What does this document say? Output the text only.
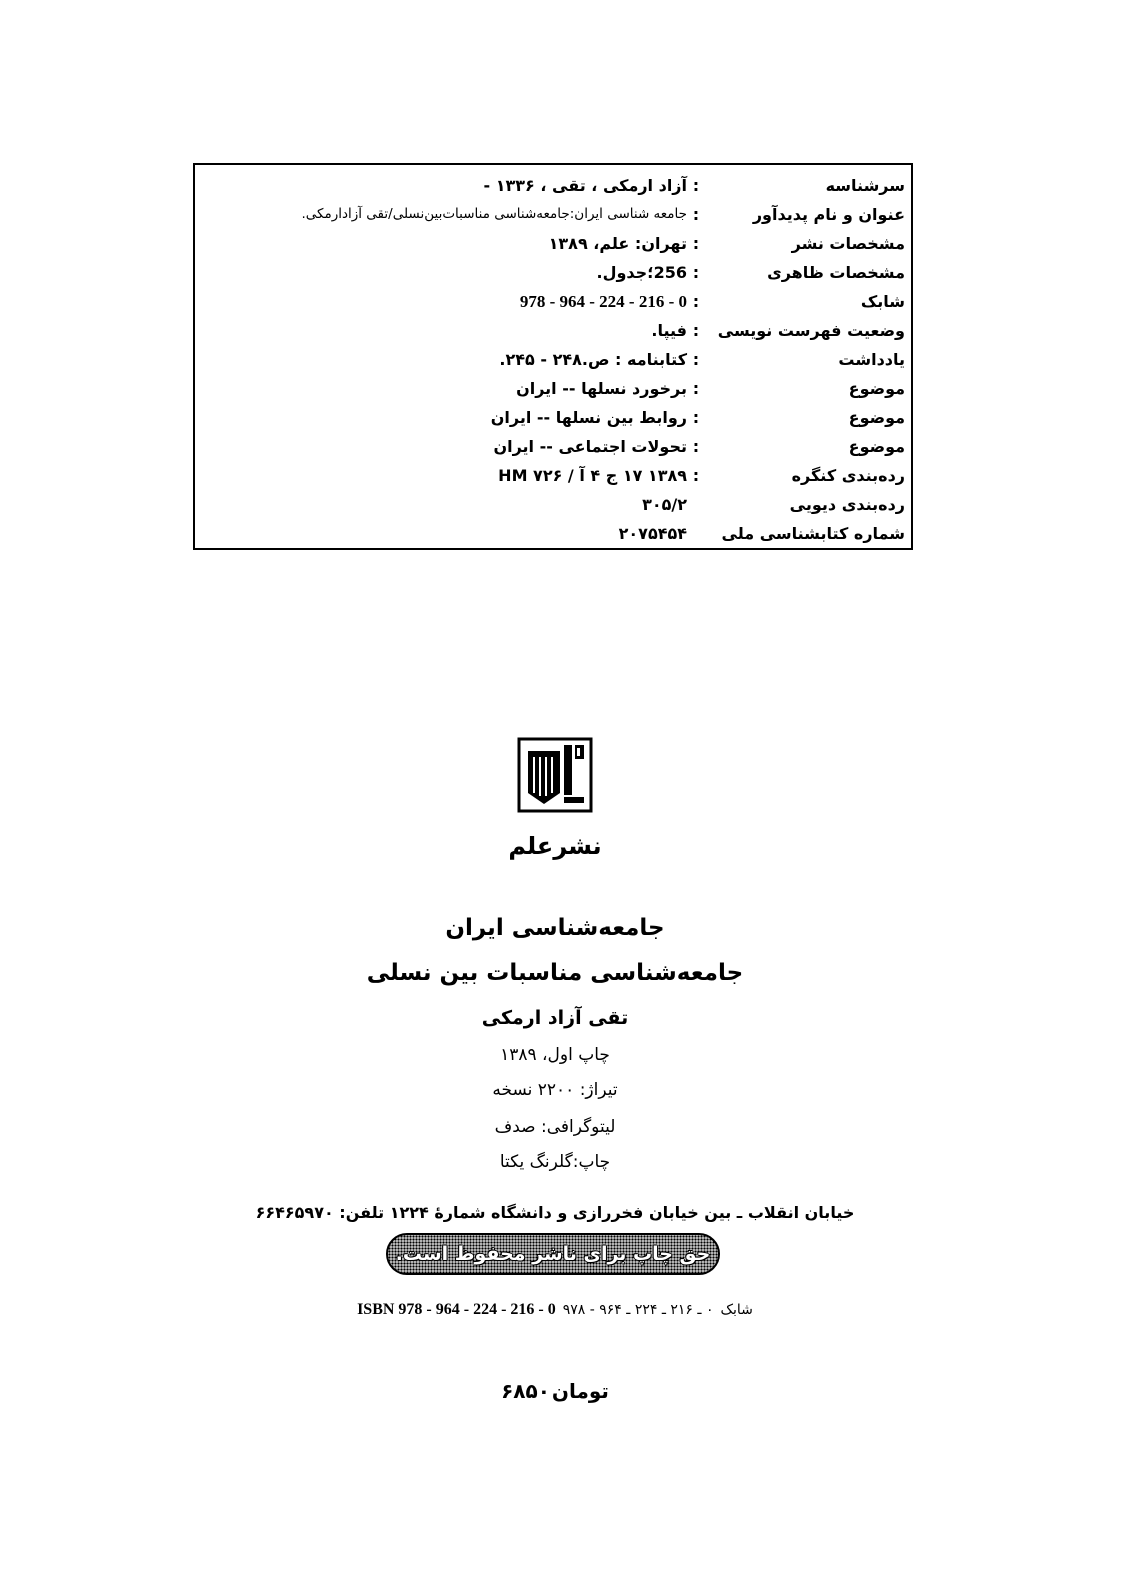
سرشناسه
:
آزاد ارمکی ، تقی ، ۱۳۳۶ -
عنوان و نام پدیدآور
:
جامعه شناسی ایران:جامعه‌شناسی مناسبات‌بین‌نسلی/تقی آزادارمکی.
مشخصات نشر
:
تهران: علم، ۱۳۸۹
مشخصات ظاهری
:
256؛جدول.
شابک
:
978 - 964 - 224 - 216 - 0
وضعیت فهرست نویسی
:
فیپا.
یادداشت
:
کتابنامه : ص.۲۴۸ - ۲۴۵.
موضوع
:
برخورد نسلها -- ایران
موضوع
:
روابط بین نسلها -- ایران
موضوع
:
تحولات اجتماعی -- ایران
رده‌بندی کنگره
:
HM ۷۲۶ / آ ۴ ج ۱۷ ۱۳۸۹
رده‌بندی دیویی
۳۰۵/۲
شماره کتابشناسی ملی
۲۰۷۵۴۵۴
نشرعلم
جامعه‌شناسی ایران
جامعه‌شناسی مناسبات بین نسلی
تقی آزاد ارمکی
چاپ اول، ۱۳۸۹
تیراژ: ۲۲۰۰ نسخه
لیتوگرافی: صدف
چاپ:گلرنگ یکتا
خیابان انقلاب ـ بین خیابان فخررازی و دانشگاه شمارهٔ ۱۲۲۴ تلفن: ۶۶۴۶۵۹۷۰
حق چاپ برای ناشر محفوظ است.
ISBN 978 - 964 - 224 - 216 - 0 ۹۷۸ - ۹۶۴ ـ ۲۲۴ ـ ۲۱۶ ـ ۰ شابک
۶۸۵۰ تومان
